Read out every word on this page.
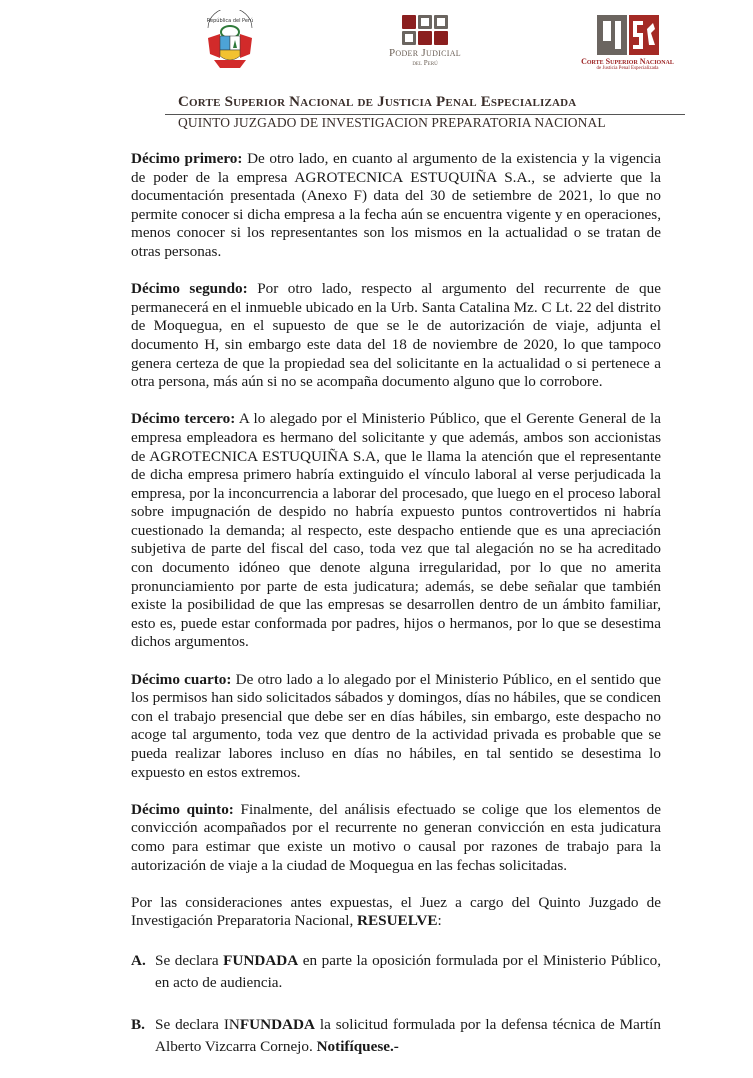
República del Perú
Poder Judicial
del Perú	Corte Superior Nacional
de Justicia Penal Especializada
Corte Superior Nacional de Justicia Penal Especializada
QUINTO JUZGADO DE INVESTIGACION PREPARATORIA NACIONAL

Décimo primero: De otro lado, en cuanto al argumento de la existencia y la vigencia de poder de la empresa AGROTECNICA ESTUQUIÑA S.A., se advierte que la documentación presentada (Anexo F) data del 30 de setiembre de 2021, lo que no permite conocer si dicha empresa a la fecha aún se encuentra vigente y en operaciones, menos conocer si los representantes son los mismos en la actualidad o se tratan de otras personas.

Décimo segundo: Por otro lado, respecto al argumento del recurrente de que permanecerá en el inmueble ubicado en la Urb. Santa Catalina Mz. C Lt. 22 del distrito de Moquegua, en el supuesto de que se le de autorización de viaje, adjunta el documento H, sin embargo este data del 18 de noviembre de 2020, lo que tampoco genera certeza de que la propiedad sea del solicitante en la actualidad o si pertenece a otra persona, más aún si no se acompaña documento alguno que lo corrobore.

Décimo tercero: A lo alegado por el Ministerio Público, que el Gerente General de la empresa empleadora es hermano del solicitante y que además, ambos son accionistas de AGROTECNICA ESTUQUIÑA S.A, que le llama la atención que el representante de dicha empresa primero habría extinguido el vínculo laboral al verse perjudicada la empresa, por la inconcurrencia a laborar del procesado, que luego en el proceso laboral sobre impugnación de despido no habría expuesto puntos controvertidos ni habría cuestionado la demanda; al respecto, este despacho entiende que es una apreciación subjetiva de parte del fiscal del caso, toda vez que tal alegación no se ha acreditado con documento idóneo que denote alguna irregularidad, por lo que no amerita pronunciamiento por parte de esta judicatura; además, se debe señalar que también existe la posibilidad de que las empresas se desarrollen dentro de un ámbito familiar, esto es, puede estar conformada por padres, hijos o hermanos, por lo que se desestima dichos argumentos.

Décimo cuarto: De otro lado a lo alegado por el Ministerio Público, en el sentido que los permisos han sido solicitados sábados y domingos, días no hábiles, que se condicen con el trabajo presencial que debe ser en días hábiles, sin embargo, este despacho no acoge tal argumento, toda vez que dentro de la actividad privada es probable que se pueda realizar labores incluso en días no hábiles, en tal sentido se desestima lo expuesto en estos extremos.

Décimo quinto: Finalmente, del análisis efectuado se colige que los elementos de convicción acompañados por el recurrente no generan convicción en esta judicatura como para estimar que existe un motivo o causal por razones de trabajo para la autorización de viaje a la ciudad de Moquegua en las fechas solicitadas.

Por las consideraciones antes expuestas, el Juez a cargo del Quinto Juzgado de Investigación Preparatoria Nacional, RESUELVE:

A. Se declara FUNDADA en parte la oposición formulada por el Ministerio Público, en acto de audiencia.
B. Se declara INFUNDADA la solicitud formulada por la defensa técnica de Martín Alberto Vizcarra Cornejo. Notifíquese.-
